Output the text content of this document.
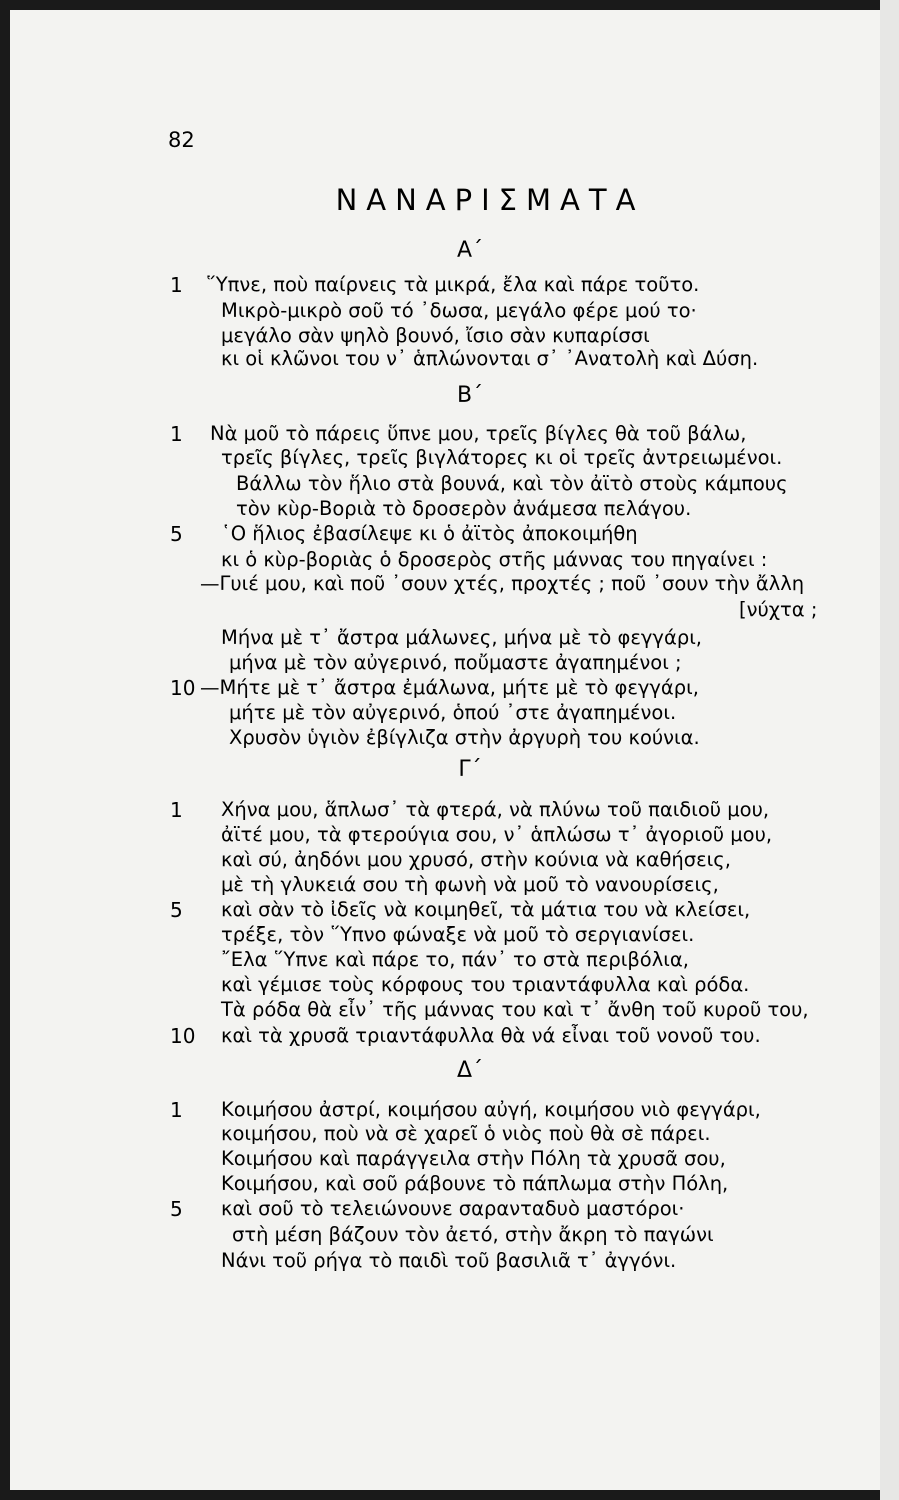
82
ΝΑΝΑΡΙΣΜΑΤΑ
Α΄
1 ῞Υπνε, ποὺ παίρνεις τὰ μικρά, ἔλα καὶ πάρε τοῦτο.
Μικρὸ-μικρὸ σοῦ τό ᾽δωσα, μεγάλο φέρε μού το·
μεγάλο σὰν ψηλὸ βουνό, ἴσιο σὰν κυπαρίσσι
κι οἱ κλῶνοι του ν᾽ ἁπλώνονται σ᾽ ᾽Ανατολὴ καὶ Δύση.
Β΄
1 Νὰ μοῦ τὸ πάρεις ὕπνε μου, τρεῖς βίγλες θὰ τοῦ βάλω,
τρεῖς βίγλες, τρεῖς βιγλάτορες κι οἱ τρεῖς ἀντρειωμένοι.
Βάλλω τὸν ἥλιο στὰ βουνά, καὶ τὸν ἀϊτὸ στοὺς κάμπους
τὸν κὺρ-Βοριὰ τὸ δροσερὸν ἀνάμεσα πελάγου.
5 ῾Ο ἥλιος ἐβασίλεψε κι ὁ ἀϊτὸς ἀποκοιμήθη
κι ὁ κὺρ-βοριὰς ὁ δροσερὸς στῆς μάννας του πηγαίνει :
—Γυιέ μου, καὶ ποῦ ᾽σουν χτές, προχτές ; ποῦ ᾽σουν τὴν ἄλλη
[νύχτα ;
Μήνα μὲ τ᾽ ἄστρα μάλωνες, μήνα μὲ τὸ φεγγάρι,
μήνα μὲ τὸν αὐγερινό, ποὔμαστε ἀγαπημένοι ;
10 —Μήτε μὲ τ᾽ ἄστρα ἐμάλωνα, μήτε μὲ τὸ φεγγάρι,
μήτε μὲ τὸν αὐγερινό, ὁπού ᾽στε ἀγαπημένοι.
Χρυσὸν ὑγιὸν ἐβίγλιζα στὴν ἀργυρὴ του κούνια.
Γ΄
1 Χήνα μου, ἅπλωσ᾽ τὰ φτερά, νὰ πλύνω τοῦ παιδιοῦ μου,
ἀϊτέ μου, τὰ φτερούγια σου, ν᾽ ἁπλώσω τ᾽ ἀγοριοῦ μου,
καὶ σύ, ἀηδόνι μου χρυσό, στὴν κούνια νὰ καθήσεις,
μὲ τὴ γλυκειά σου τὴ φωνὴ νὰ μοῦ τὸ νανουρίσεις,
5 καὶ σὰν τὸ ἰδεῖς νὰ κοιμηθεῖ, τὰ μάτια του νὰ κλείσει,
τρέξε, τὸν ῞Υπνο φώναξε νὰ μοῦ τὸ σεργιανίσει.
῎Ελα ῞Υπνε καὶ πάρε το, πάν᾽ το στὰ περιβόλια,
καὶ γέμισε τοὺς κόρφους του τριαντάφυλλα καὶ ρόδα.
Τὰ ρόδα θὰ εἶν᾽ τῆς μάννας του καὶ τ᾽ ἄνθη τοῦ κυροῦ του,
10 καὶ τὰ χρυσᾶ τριαντάφυλλα θὰ νά εἶναι τοῦ νονοῦ του.
Δ΄
1 Κοιμήσου ἀστρί, κοιμήσου αὐγή, κοιμήσου νιὸ φεγγάρι,
κοιμήσου, ποὺ νὰ σὲ χαρεῖ ὁ νιὸς ποὺ θὰ σὲ πάρει.
Κοιμήσου καὶ παράγγειλα στὴν Πόλη τὰ χρυσᾶ σου,
Κοιμήσου, καὶ σοῦ ράβουνε τὸ πάπλωμα στὴν Πόλη,
5 καὶ σοῦ τὸ τελειώνουνε σαρανταδυὸ μαστόροι·
στὴ μέση βάζουν τὸν ἀετό, στὴν ἄκρη τὸ παγώνι
Νάνι τοῦ ρήγα τὸ παιδὶ τοῦ βασιλιᾶ τ᾽ ἀγγόνι.
